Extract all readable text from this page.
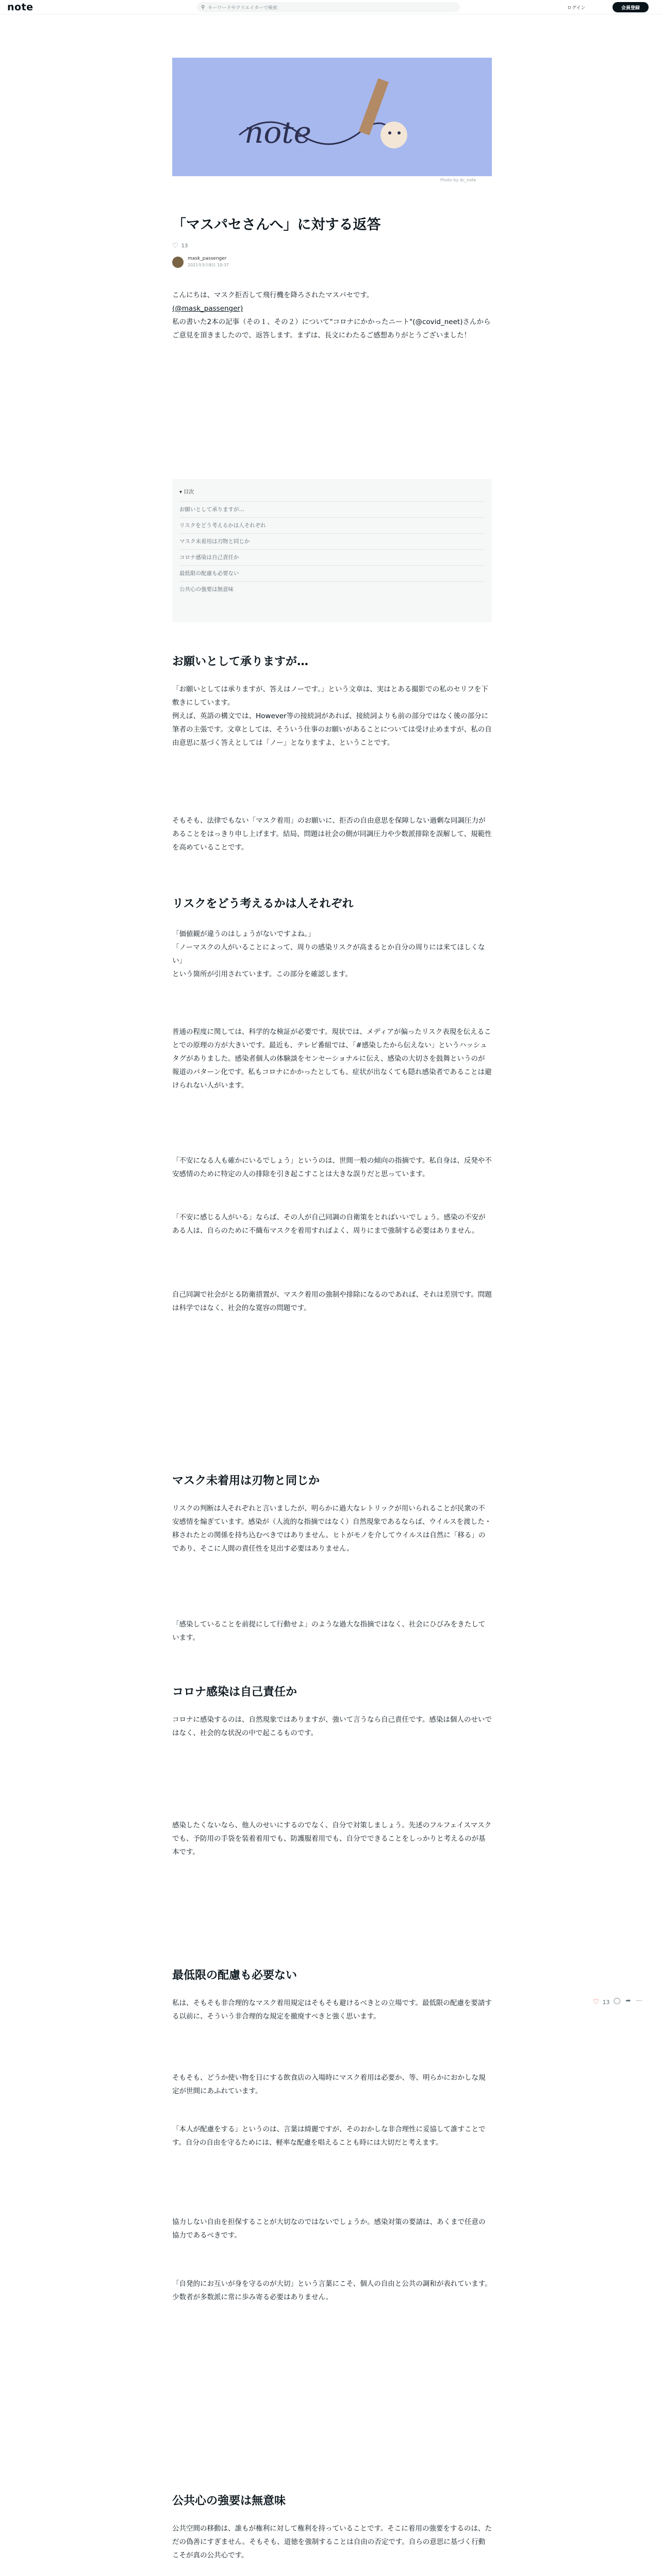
note	⚲ キーワードやクリエイターで検索	ログイン	会員登録
note
Photo by dc_note
「マスパセさんへ」に対する返答
♡ 13
mask_passenger
2021年5月8日 10:37
こんにちは、マスク拒否して飛行機を降ろされたマスパセです。
(@mask_passenger)
私の書いた2本の記事（その１、その２）について"コロナにかかったニート"(@covid_neet)さんからご意見を頂きましたので、返答します。まずは、長文にわたるご感想ありがとうございました！
▾ 目次
お願いとして承りますが…
リスクをどう考えるかは人それぞれ
マスク未着用は刃物と同じか
コロナ感染は自己責任か
最低限の配慮も必要ない
公共心の強要は無意味
お願いとして承りますが…

「お願いとしては承りますが、答えはノーです。」という文章は、実はとある撮影での私のセリフを下敷きにしています。

例えば、英語の構文では、However等の接続詞があれば、接続詞よりも前の部分ではなく後の部分に筆者の主張です。文章としては、そういう仕事のお願いがあることについては受け止めますが、私の自由意思に基づく答えとしては「ノー」となりますよ、ということです。

そもそも、法律でもない「マスク着用」のお願いに、拒否の自由意思を保障しない過剰な同調圧力があることをはっきり申し上げます。結局、問題は社会の側が同調圧力や少数派排除を誤解して、規範性を高めていることです。
リスクをどう考えるかは人それぞれ
「価値観が違うのはしょうがないですよね。」
「ノーマスクの人がいることによって、周りの感染リスクが高まるとか自分の周りには来てほしくない」
という箇所が引用されています。この部分を確認します。
普通の程度に関しては、科学的な検証が必要です。現状では、メディアが偏ったリスク表現を伝えることでの原理の方が大きいです。最近も、テレビ番組では、「#感染したから伝えない」というハッシュタグがありました。感染者個人の体験談をセンセーショナルに伝え、感染の大切さを鼓舞というのが報道のパターン化です。私もコロナにかかったとしても、症状が出なくても隠れ感染者であることは避けられない人がいます。
「不安になる人も確かにいるでしょう」というのは、世間一般の傾向の指摘です。私自身は、反発や不安感情のために特定の人の排除を引き起こすことは大きな誤りだと思っています。
「不安に感じる人がいる」ならば、その人が自己同調の自衛策をとればいいでしょう。感染の不安がある人は、自らのために不織布マスクを着用すればよく、周りにまで強制する必要はありません。
自己同調で社会がとる防衛措置が、マスク着用の強制や排除になるのであれば、それは差別です。問題は科学ではなく、社会的な寛容の問題です。
マスク未着用は刃物と同じか
リスクの判断は人それぞれと言いましたが、明らかに過大なレトリックが用いられることが民衆の不安感情を煽ぎています。感染が（人流的な指摘ではなく）自然現象であるならば、ウイルスを渡した・移されたとの関係を持ち込むべきではありません。ヒトがモノを介してウイルスは自然に「移る」のであり、そこに人間の責任性を見出す必要はありません。
「感染していることを前提にして行動せよ」のような過大な指摘ではなく、社会にひびみをきたしています。
コロナ感染は自己責任か
コロナに感染するのは、自然現象ではありますが、強いて言うなら自己責任です。感染は個人のせいではなく、社会的な状況の中で起こるものです。
感染したくないなら、他人のせいにするのでなく、自分で対策しましょう。先述のフルフェイスマスクでも、予防用の手袋を装着着用でも、防護服着用でも、自分でできることをしっかりと考えるのが基本です。
最低限の配慮も必要ない
私は、そもそも非合理的なマスク着用規定はそもそも避けるべきとの立場です。最低限の配慮を要請する以前に、そういう非合理的な規定を撤廃すべきと強く思います。
そもそも、どうか使い物を日にする飲食店の入場時にマスク着用は必要か、等、明らかにおかしな規定が世間にあふれています。
「本人が配慮をする」というのは、言葉は綺麗ですが、そのおかしな非合理性に妥協して誰すことです。自分の自由を守るためには、軽率な配慮を唱えることも時には大切だと考えます。
協力しない自由を担保することが大切なのではないでしょうか。感染対策の要請は、あくまで任意の協力であるべきです。
「自発的にお互いが身を守るのが大切」という言葉にこそ、個人の自由と公共の調和が表れています。少数者が多数派に常に歩み寄る必要はありません。
公共心の強要は無意味
公共空間の移動は、誰もが権利に対して権利を持っていることです。そこに着用の強要をするのは、ただの偽善にすぎません。そもそも、道徳を強制することは自由の否定です。自らの意思に基づく行動こそが真の公共心です。
♡ 13 ◯➦⋯
